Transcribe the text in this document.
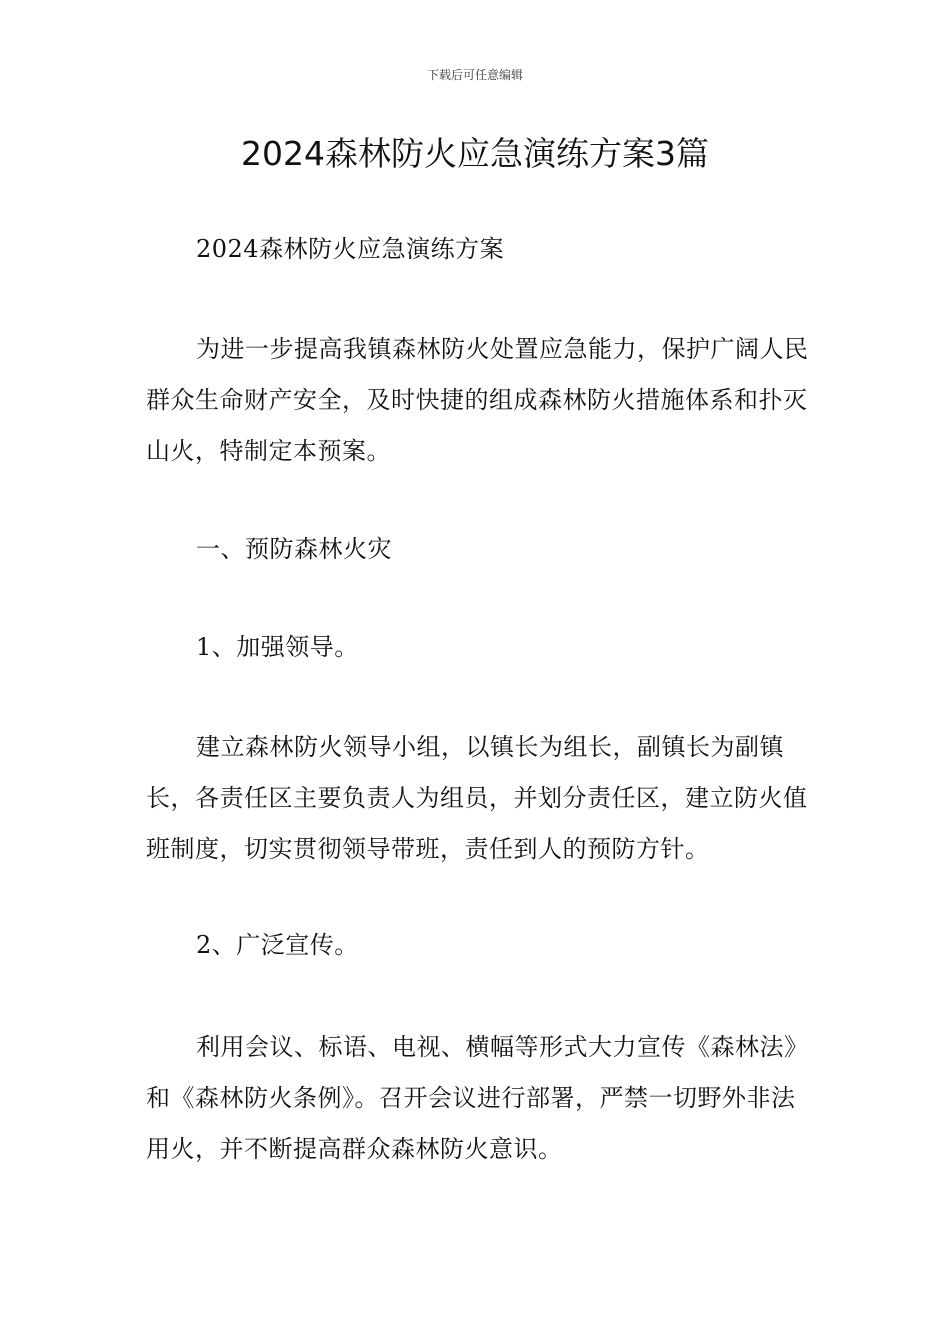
下载后可任意编辑
2024森林防火应急演练方案3篇

2024森林防火应急演练方案

为进一步提高我镇森林防火处置应急能力，保护广阔人民群众生命财产安全，及时快捷的组成森林防火措施体系和扑灭山火，特制定本预案。

一、预防森林火灾

1、加强领导。

建立森林防火领导小组，以镇长为组长，副镇长为副镇长，各责任区主要负责人为组员，并划分责任区，建立防火值班制度，切实贯彻领导带班，责任到人的预防方针。

2、广泛宣传。

利用会议、标语、电视、横幅等形式大力宣传《森林法》和《森林防火条例》。召开会议进行部署，严禁一切野外非法用火，并不断提高群众森林防火意识。
